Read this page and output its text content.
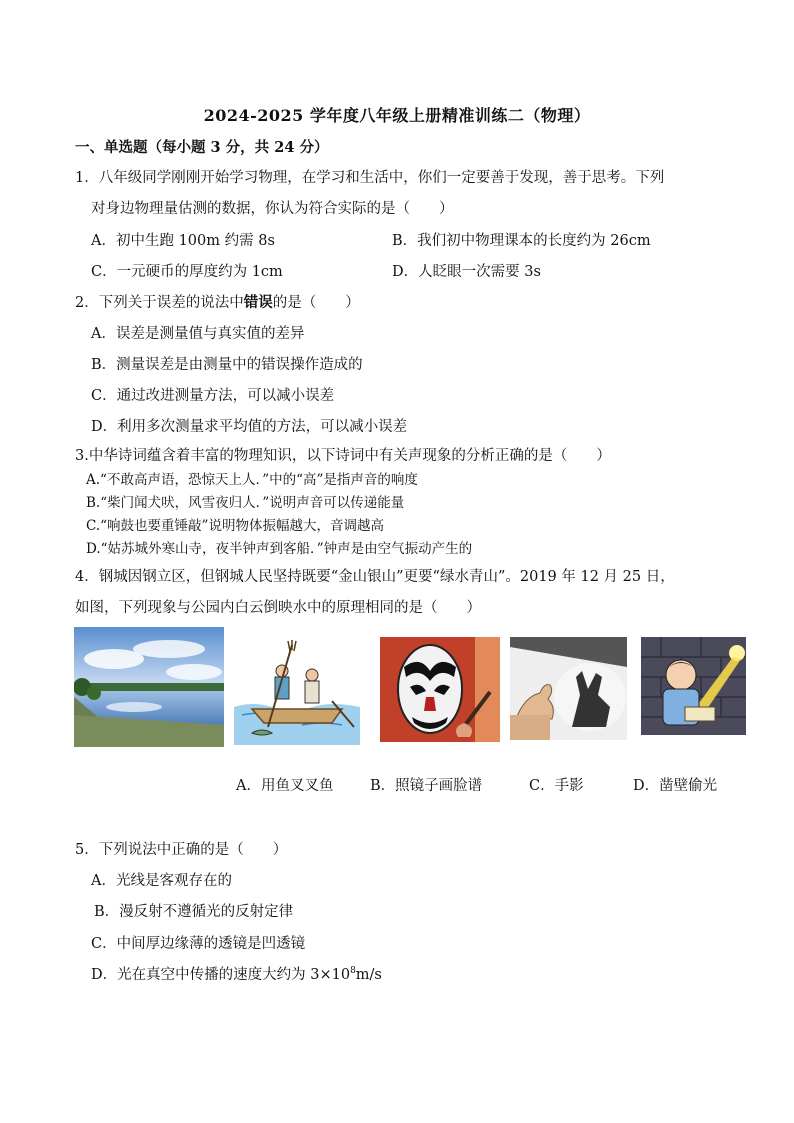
2024-2025 学年度八年级上册精准训练二（物理）
一、单选题（每小题 3 分，共 24 分）
1．八年级同学刚刚开始学习物理，在学习和生活中，你们一定要善于发现，善于思考。下列
对身边物理量估测的数据，你认为符合实际的是（　　）
A．初中生跑 100m 约需 8s	B．我们初中物理课本的长度约为 26cm
C．一元硬币的厚度约为 1cm	D．人眨眼一次需要 3s
2．下列关于误差的说法中错误的是（　　）
A．误差是测量值与真实值的差异
B．测量误差是由测量中的错误操作造成的
C．通过改进测量方法，可以减小误差
D．利用多次测量求平均值的方法，可以减小误差
3.中华诗词蕴含着丰富的物理知识，以下诗词中有关声现象的分析正确的是（　　）
A.“不敢高声语，恐惊天上人．”中的“高”是指声音的响度
B.“柴门闻犬吠，风雪夜归人．”说明声音可以传递能量
C.“响鼓也要重锤敲”说明物体振幅越大，音调越高
D.“姑苏城外寒山寺，夜半钟声到客船．”钟声是由空气振动产生的
4．钢城因钢立区，但钢城人民坚持既要“金山银山”更要“绿水青山”。2019 年 12 月 25 日，
如图，下列现象与公园内白云倒映水中的原理相同的是（　　）
A．用鱼叉叉鱼	B．照镜子画脸谱	C．手影	D．凿壁偷光
5．下列说法中正确的是（　　）
A．光线是客观存在的
B．漫反射不遵循光的反射定律
C．中间厚边缘薄的透镜是凹透镜
D．光在真空中传播的速度大约为 $3\times 10^8m/s$
